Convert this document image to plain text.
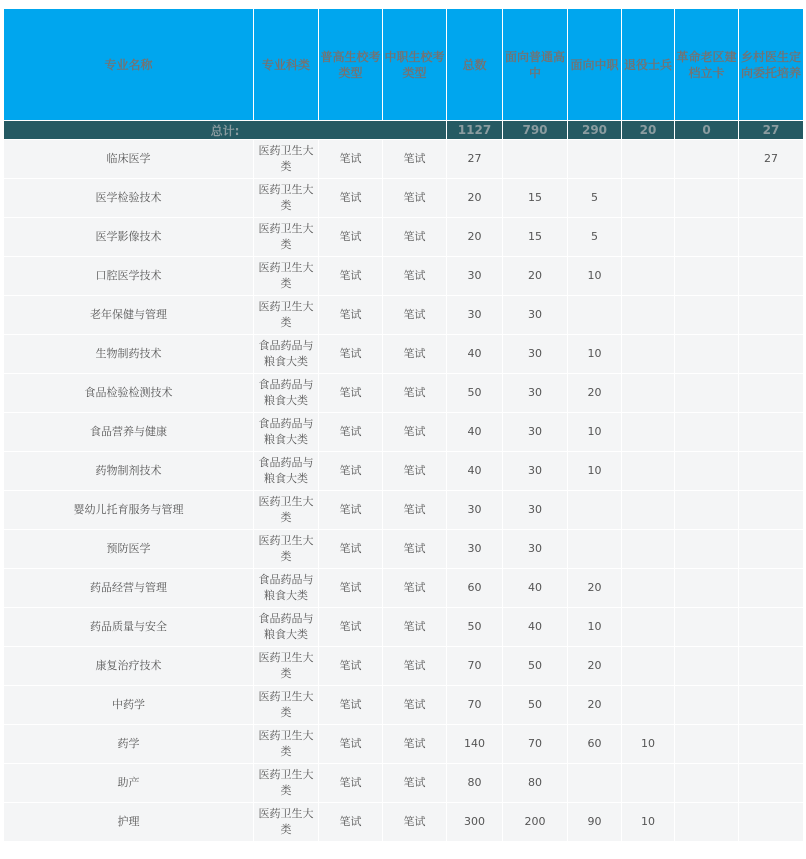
专业名称	专业科类	普高生校考类型	中职生校考类型	总数	面向普通高中	面向中职	退役士兵	革命老区建档立卡	乡村医生定向委托培养
总计:				1127	790	290	20	0	27
临床医学	医药卫生大类	笔试	笔试	27					27
医学检验技术	医药卫生大类	笔试	笔试	20	15	5			
医学影像技术	医药卫生大类	笔试	笔试	20	15	5			
口腔医学技术	医药卫生大类	笔试	笔试	30	20	10			
老年保健与管理	医药卫生大类	笔试	笔试	30	30				
生物制药技术	食品药品与粮食大类	笔试	笔试	40	30	10			
食品检验检测技术	食品药品与粮食大类	笔试	笔试	50	30	20			
食品营养与健康	食品药品与粮食大类	笔试	笔试	40	30	10			
药物制剂技术	食品药品与粮食大类	笔试	笔试	40	30	10			
婴幼儿托育服务与管理	医药卫生大类	笔试	笔试	30	30				
预防医学	医药卫生大类	笔试	笔试	30	30				
药品经营与管理	食品药品与粮食大类	笔试	笔试	60	40	20			
药品质量与安全	食品药品与粮食大类	笔试	笔试	50	40	10			
康复治疗技术	医药卫生大类	笔试	笔试	70	50	20			
中药学	医药卫生大类	笔试	笔试	70	50	20			
药学	医药卫生大类	笔试	笔试	140	70	60	10		
助产	医药卫生大类	笔试	笔试	80	80				
护理	医药卫生大类	笔试	笔试	300	200	90	10		
